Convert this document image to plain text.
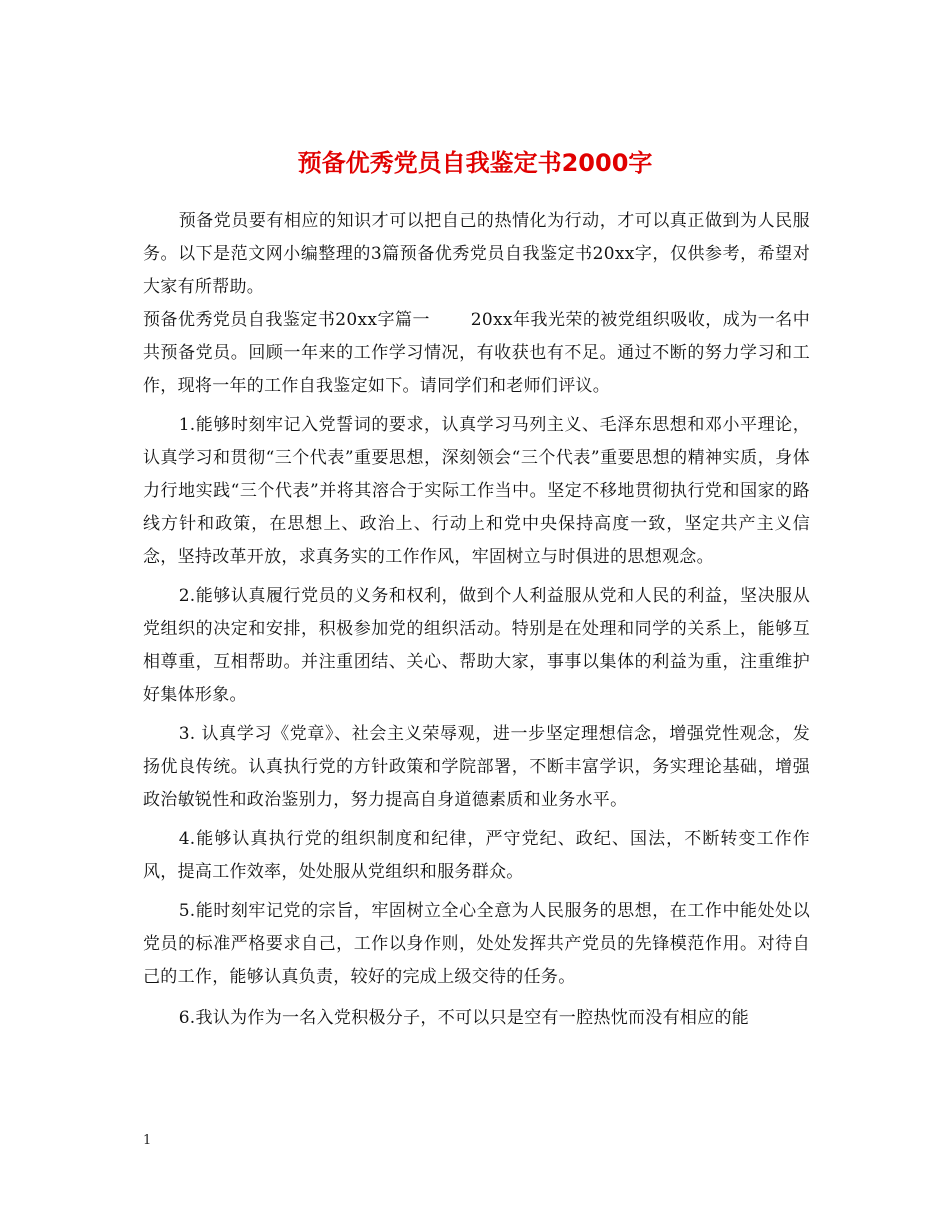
预备优秀党员自我鉴定书2000字

预备党员要有相应的知识才可以把自己的热情化为行动，才可以真正做到为人民服务。以下是范文网小编整理的3篇预备优秀党员自我鉴定书20xx字，仅供参考，希望对大家有所帮助。

预备优秀党员自我鉴定书20xx字篇一　　 20xx年我光荣的被党组织吸收，成为一名中共预备党员。回顾一年来的工作学习情况，有收获也有不足。通过不断的努力学习和工作，现将一年的工作自我鉴定如下。请同学们和老师们评议。

1.能够时刻牢记入党誓词的要求，认真学习马列主义、毛泽东思想和邓小平理论，认真学习和贯彻“三个代表”重要思想，深刻领会“三个代表”重要思想的精神实质，身体力行地实践“三个代表”并将其溶合于实际工作当中。坚定不移地贯彻执行党和国家的路线方针和政策，在思想上、政治上、行动上和党中央保持高度一致，坚定共产主义信念，坚持改革开放，求真务实的工作作风，牢固树立与时俱进的思想观念。

2.能够认真履行党员的义务和权利，做到个人利益服从党和人民的利益，坚决服从党组织的决定和安排，积极参加党的组织活动。特别是在处理和同学的关系上，能够互相尊重，互相帮助。并注重团结、关心、帮助大家，事事以集体的利益为重，注重维护好集体形象。

3. 认真学习《党章》、社会主义荣辱观，进一步坚定理想信念，增强党性观念，发扬优良传统。认真执行党的方针政策和学院部署，不断丰富学识，务实理论基础，增强政治敏锐性和政治鉴别力，努力提高自身道德素质和业务水平。

4.能够认真执行党的组织制度和纪律，严守党纪、政纪、国法，不断转变工作作风，提高工作效率，处处服从党组织和服务群众。

5.能时刻牢记党的宗旨，牢固树立全心全意为人民服务的思想，在工作中能处处以党员的标准严格要求自己，工作以身作则，处处发挥共产党员的先锋模范作用。对待自己的工作，能够认真负责，较好的完成上级交待的任务。

6.我认为作为一名入党积极分子，不可以只是空有一腔热忱而没有相应的能

1
